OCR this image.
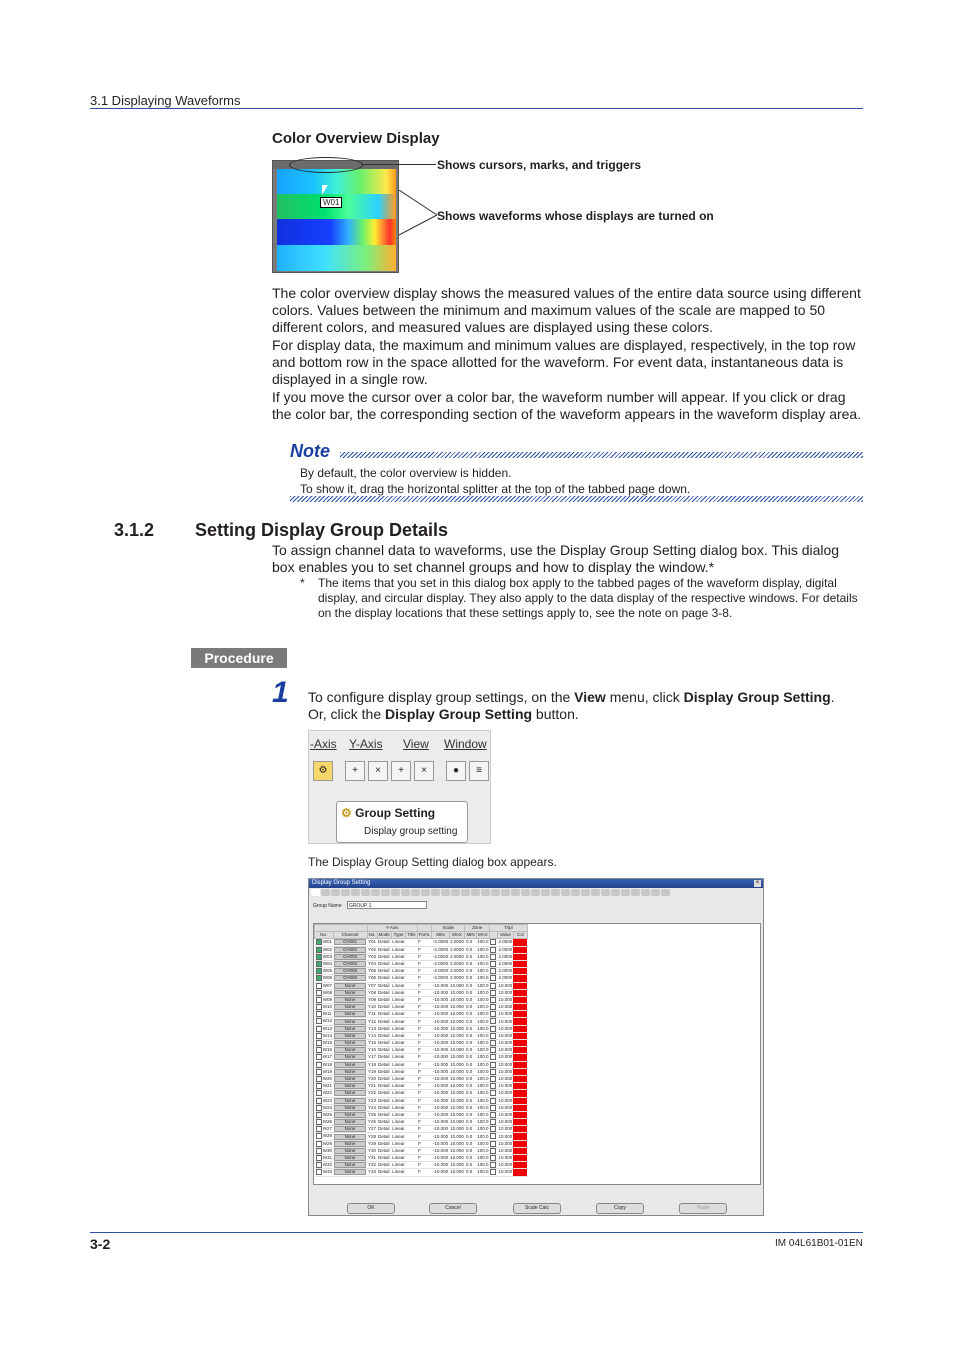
3.1 Displaying Waveforms
Color Overview Display
W01
Shows cursors, marks, and triggers
Shows waveforms whose displays are turned on
The color overview display shows the measured values of the entire data source using different colors. Values between the minimum and maximum values of the scale are mapped to 50 different colors, and measured values are displayed using these colors.
For display data, the maximum and minimum values are displayed, respectively, in the top row and bottom row in the space allotted for the waveform. For event data, instantaneous data is displayed in a single row.
If you move the cursor over a color bar, the waveform number will appear. If you click or drag the color bar, the corresponding section of the waveform appears in the waveform display area.
Note
By default, the color overview is hidden.
To show it, drag the horizontal splitter at the top of the tabbed page down.
3.1.2 Setting Display Group Details
To assign channel data to waveforms, use the Display Group Setting dialog box. This dialog box enables you to set channel groups and how to display the window.*
* The items that you set in this dialog box apply to the tabbed pages of the waveform display, digital display, and circular display. They also apply to the data display of the respective windows. For details on the display locations that these settings apply to, see the note on page 3-8.
Procedure
1 To configure display group settings, on the View menu, click Display Group Setting.
Or, click the Display Group Setting button.
-Axis Y-Axis View Window
⚙	+	×	+	×	●	≡
⚙ Group Setting
Display group setting
The Display Group Setting dialog box appears.
Display Group Setting	×
Group Name	GROUP 1
		Y-Axis					Scale		Zone		Tripl		
No.	Channel	No.	Mode	Type	Title	Form.	MIN	MAX	MIN	MAX		Value	Col
W01	CH001	Y01	Detail	Linear		F	-2.0000	2.0000	0.0	100.0		2.0000	
W02	CH002	Y02	Detail	Linear		F	-2.0000	2.0000	0.0	100.0		2.0000	
W03	CH003	Y03	Detail	Linear		F	-2.0000	2.0000	0.0	100.0		2.0000	
W04	CH004	Y04	Detail	Linear		F	-2.0000	2.0000	0.0	100.0		2.0000	
W05	CH005	Y05	Detail	Linear		F	-2.0000	2.0000	0.0	100.0		2.0000	
W06	CH006	Y06	Detail	Linear		F	-2.0000	2.0000	0.0	100.0		2.0000	
W07	None	Y07	Detail	Linear		F	-10.000	10.000	0.0	100.0		10.000	
W08	None	Y08	Detail	Linear		F	-10.000	10.000	0.0	100.0		10.000	
W09	None	Y09	Detail	Linear		F	-10.000	10.000	0.0	100.0		10.000	
W10	None	Y10	Detail	Linear		F	-10.000	10.000	0.0	100.0		10.000	
W11	None	Y11	Detail	Linear		F	-10.000	10.000	0.0	100.0		10.000	
W12	None	Y12	Detail	Linear		F	-10.000	10.000	0.0	100.0		10.000	
W13	None	Y13	Detail	Linear		F	-10.000	10.000	0.0	100.0		10.000	
W14	None	Y14	Detail	Linear		F	-10.000	10.000	0.0	100.0		10.000	
W15	None	Y15	Detail	Linear		F	-10.000	10.000	0.0	100.0		10.000	
W16	None	Y16	Detail	Linear		F	-10.000	10.000	0.0	100.0		10.000	
W17	None	Y17	Detail	Linear		F	-10.000	10.000	0.0	100.0		10.000	
W18	None	Y18	Detail	Linear		F	-10.000	10.000	0.0	100.0		10.000	
W19	None	Y19	Detail	Linear		F	-10.000	10.000	0.0	100.0		10.000	
W20	None	Y20	Detail	Linear		F	-10.000	10.000	0.0	100.0		10.000	
W21	None	Y21	Detail	Linear		F	-10.000	10.000	0.0	100.0		10.000	
W22	None	Y22	Detail	Linear		F	-10.000	10.000	0.0	100.0		10.000	
W23	None	Y23	Detail	Linear		F	-10.000	10.000	0.0	100.0		10.000	
W24	None	Y24	Detail	Linear		F	-10.000	10.000	0.0	100.0		10.000	
W25	None	Y25	Detail	Linear		F	-10.000	10.000	0.0	100.0		10.000	
W26	None	Y26	Detail	Linear		F	-10.000	10.000	0.0	100.0		10.000	
W27	None	Y27	Detail	Linear		F	-10.000	10.000	0.0	100.0		10.000	
W28	None	Y28	Detail	Linear		F	-10.000	10.000	0.0	100.0		10.000	
W29	None	Y29	Detail	Linear		F	-10.000	10.000	0.0	100.0		10.000	
W30	None	Y30	Detail	Linear		F	-10.000	10.000	0.0	100.0		10.000	
W31	None	Y31	Detail	Linear		F	-10.000	10.000	0.0	100.0		10.000	
W32	None	Y32	Detail	Linear		F	-10.000	10.000	0.0	100.0		10.000	
W33	None	Y33	Detail	Linear		F	-10.000	10.000	0.0	100.0		10.000	
OK	Cancel	Scale Calc	Copy	Paste
3-2	IM 04L61B01-01EN
